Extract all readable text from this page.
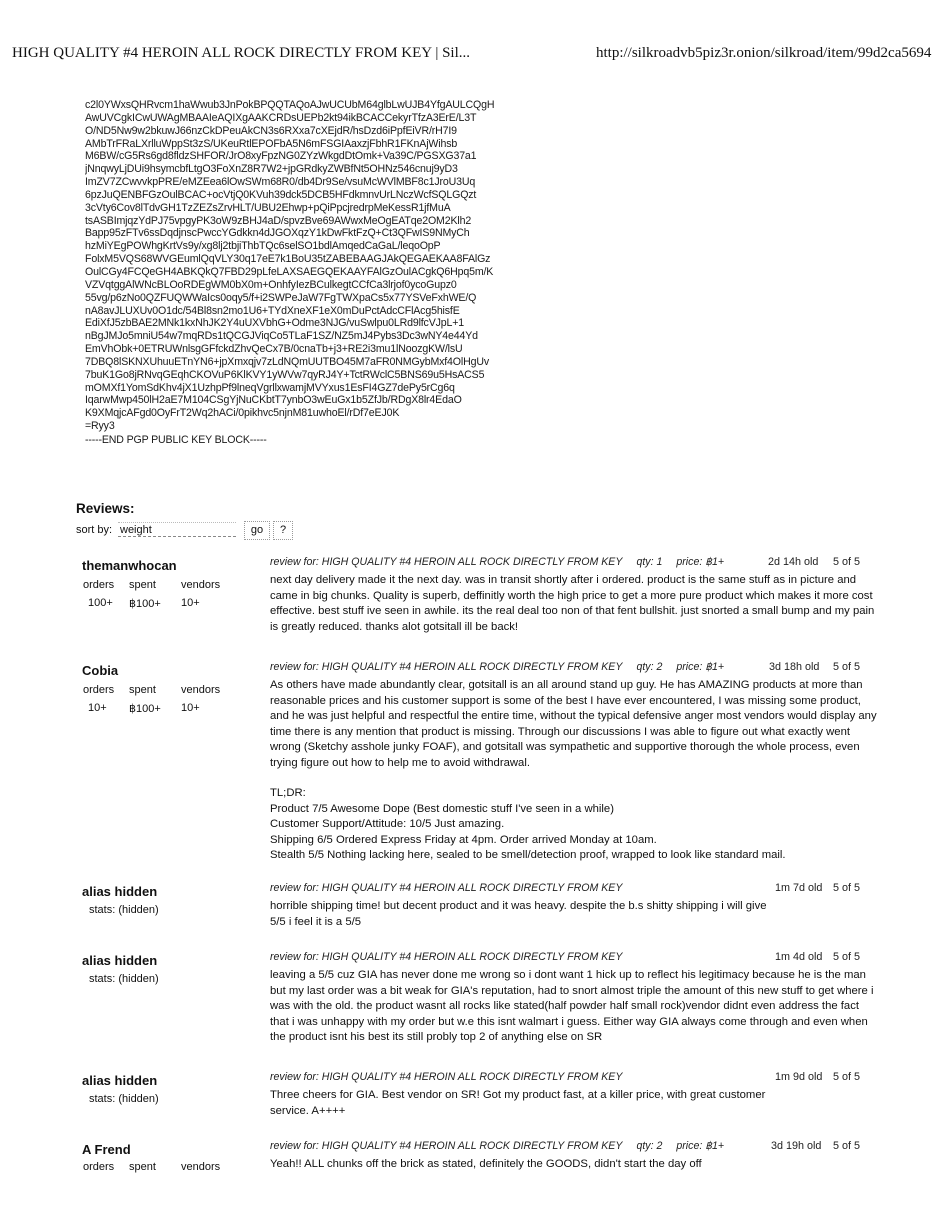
HIGH QUALITY #4 HEROIN ALL ROCK DIRECTLY FROM KEY | Sil...	http://silkroadvb5piz3r.onion/silkroad/item/99d2ca5694
c2l0YWxsQHRvcm1haWwub3JnPokBPQQTAQoAJwUCUbM64glbLwUJB4YfgAULCQgH
AwUVCgkICwUWAgMBAAIeAQIXgAAKCRDsUEPb2kt94ikBCACCekyrTfzA3ErE/L3T
O/ND5Nw9w2bkuwJ66nzCkDPeuAkCN3s6RXxa7cXEjdR/hsDzd6iPpfEiVR/rH7I9
AMbTrFRaLXrlluWppSt3zS/UKeuRtlEPOFbA5N6mFSGIAaxzjFbhR1FKnAjWihsb
M6BW/cG5Rs6gd8fldzSHFOR/JrO8xyFpzNG0ZYzWkgdDtOmk+Va39C/PGSXG37a1
jNnqwyLjDUi9hsymcbfLtgO3FoXnZ8R7W2+jpGRdkyZWBfNt5OHNz546cnuj9yD3
ImZV7ZCwvvkpPRE/eMZEea6lOwSWm68R0/db4Dr9Se/vsuMcWVlMBF8c1JroU3Uq
6pzJuQENBFGzOulBCAC+ocVtjQ0KVuh39dck5DCB5HFdkmnvUrLNczWcfSQLGQzt
3cVty6Cov8lTdvGH1TzZEZsZrvHLT/UBU2Ehwp+pQiPpcjredrpMeKessR1jfMuA
tsASBImjqzYdPJ75vpgyPK3oW9zBHJ4aD/spvzBve69AWwxMeOgEATqe2OM2Klh2
Bapp95zFTv6ssDqdjnscPwccYGdkkn4dJGOXqzY1kDwFktFzQ+Ct3QFwIS9NMyCh
hzMiYEgPOWhgKrtVs9y/xg8lj2tbjiThbTQc6selSO1bdlAmqedCaGaL/leqoOpP
FolxM5VQS68WVGEumlQqVLY30q17eE7k1BoU35tZABEBAAGJAkQEGAEKAA8FAlGz
OulCGy4FCQeGH4ABKQkQ7FBD29pLfeLAXSAEGQEKAAYFAlGzOulACgkQ6Hpq5m/K
VZVqtggAlWNcBLOoRDEgWM0bX0m+OnhfyIezBCulkegtCCfCa3lrjof0ycoGupz0
55vg/p6zNo0QZFUQWWaIcs0oqy5/f+i2SWPeJaW7FgTWXpaCs5x77YSVeFxhWE/Q
nA8avJLUXUv0O1dc/54Bl8sn2mo1U6+TYdXneXF1eX0mDuPctAdcCFlAcg5hisfE
EdiXfJ5zbBAE2MNk1kxNhJK2Y4uUXVbhG+Odme3NJG/vuSwlpu0LRd9lfcVJpL+1
nBgJMJo5mniU54w7mqRDs1tQCGJViqCo5TLaF1SZ/NZ5mJ4Pybs3Dc3wNY4e44Yd
EmVhObk+0ETRUWnlsgGFfckdZhvQeCx7B/0cnaTb+j3+RE2i3mu1lNoozgKW/lsU
7DBQ8lSKNXUhuuETnYN6+jpXmxqjv7zLdNQmUUTBO45M7aFR0NMGybMxf4OlHgUv
7buK1Go8jRNvqGEqhCKOVuP6KlKVY1yWVw7qyRJ4Y+TctRWclC5BNS69u5HsACS5
mOMXf1YomSdKhv4jX1UzhpPf9lneqVgrllxwamjMVYxus1EsFI4GZ7dePy5rCg6q
IqarwMwp450lH2aE7M104CSgYjNuCKbtT7ynbO3wEuGx1b5ZfJb/RDgX8lr4EdaO
K9XMqjcAFgd0OyFrT2Wq2hACi/0pikhvc5njnM81uwhoEl/rDf7eEJ0K
=Ryy3
-----END PGP PUBLIC KEY BLOCK-----
Reviews:
sort by: weight	go	?
themanwhocan
orders	spent	vendors
100+	฿100+	10+
review for: HIGH QUALITY #4 HEROIN ALL ROCK DIRECTLY FROM KEY qty: 1 price: ฿1+	2d 14h old 5 of 5

next day delivery made it the next day. was in transit shortly after i ordered. product is the same stuff as in picture and came in big chunks. Quality is superb, deffinitly worth the high price to get a more pure product which makes it more cost effective. best stuff ive seen in awhile. its the real deal too non of that fent bullshit. just snorted a small bump and my pain is greatly reduced. thanks alot gotsitall ill be back!

Cobia
orders	spent	vendors
10+	฿100+	10+
review for: HIGH QUALITY #4 HEROIN ALL ROCK DIRECTLY FROM KEY qty: 2 price: ฿1+	3d 18h old 5 of 5

As others have made abundantly clear, gotsitall is an all around stand up guy. He has AMAZING products at more than reasonable prices and his customer support is some of the best I have ever encountered, I was missing some product, and he was just helpful and respectful the entire time, without the typical defensive anger most vendors would display any time there is any mention that product is missing. Through our discussions I was able to figure out what exactly went wrong (Sketchy asshole junky FOAF), and gotsitall was sympathetic and supportive thorough the whole process, even trying figure out how to help me to avoid withdrawal.

TL;DR:

Product 7/5 Awesome Dope (Best domestic stuff I've seen in a while)

Customer Support/Attitude: 10/5 Just amazing.

Shipping 6/5 Ordered Express Friday at 4pm. Order arrived Monday at 10am.

Stealth 5/5 Nothing lacking here, sealed to be smell/detection proof, wrapped to look like standard mail.

alias hidden
stats: (hidden)
review for: HIGH QUALITY #4 HEROIN ALL ROCK DIRECTLY FROM KEY	1m 7d old 5 of 5

horrible shipping time! but decent product and it was heavy. despite the b.s shitty shipping i will give 5/5 i feel it is a 5/5

alias hidden
stats: (hidden)
review for: HIGH QUALITY #4 HEROIN ALL ROCK DIRECTLY FROM KEY	1m 4d old 5 of 5

leaving a 5/5 cuz GIA has never done me wrong so i dont want 1 hick up to reflect his legitimacy because he is the man but my last order was a bit weak for GIA's reputation, had to snort almost triple the amount of this new stuff to get where i was with the old. the product wasnt all rocks like stated(half powder half small rock)vendor didnt even address the fact that i was unhappy with my order but w.e this isnt walmart i guess. Either way GIA always come through and even when the product isnt his best its still probly top 2 of anything else on SR

alias hidden
stats: (hidden)
review for: HIGH QUALITY #4 HEROIN ALL ROCK DIRECTLY FROM KEY	1m 9d old 5 of 5

Three cheers for GIA. Best vendor on SR! Got my product fast, at a killer price, with great customer service. A++++

A Frend
orders	spent	vendors
review for: HIGH QUALITY #4 HEROIN ALL ROCK DIRECTLY FROM KEY qty: 2 price: ฿1+	3d 19h old 5 of 5

Yeah!! ALL chunks off the brick as stated, definitely the GOODS, didn't start the day off
